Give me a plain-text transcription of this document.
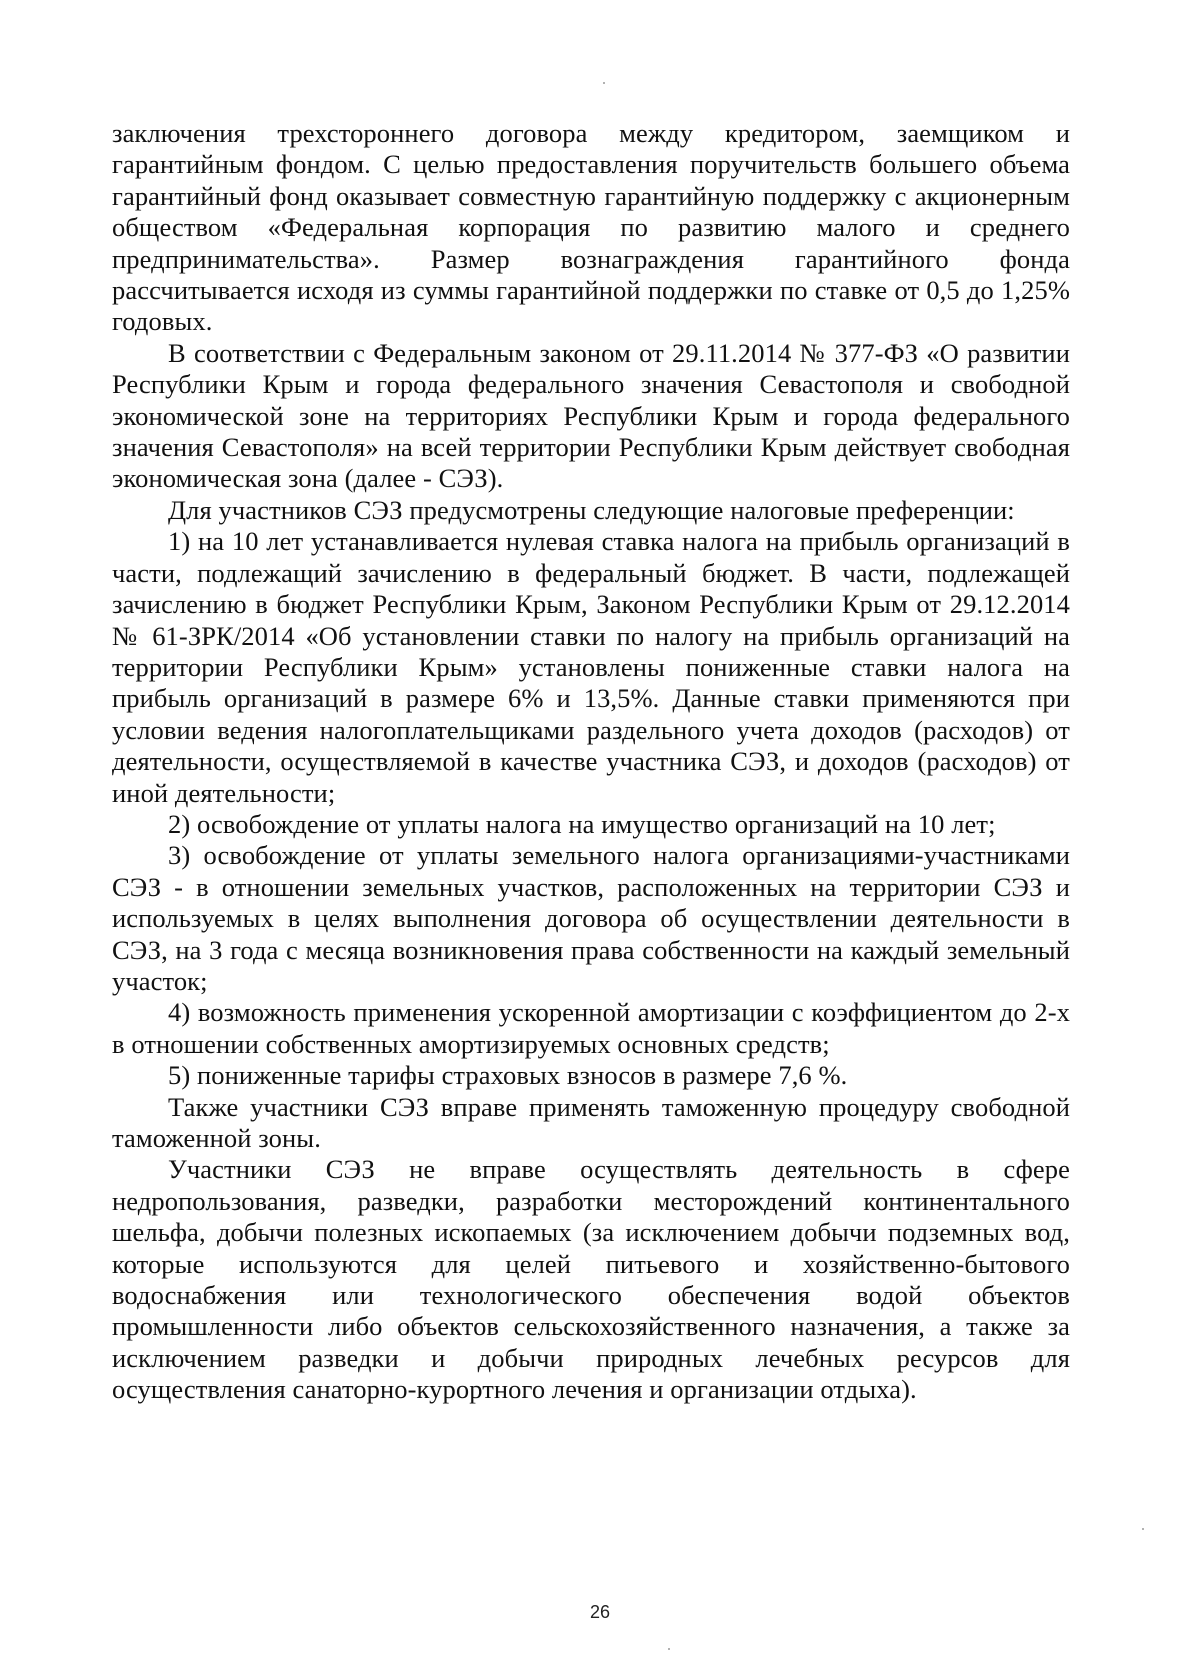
заключения трехстороннего договора между кредитором, заемщиком и гарантийным фондом. С целью предоставления поручительств большего объема гарантийный фонд оказывает совместную гарантийную поддержку с акционерным обществом «Федеральная корпорация по развитию малого и среднего предпринимательства». Размер вознаграждения гарантийного фонда рассчитывается исходя из суммы гарантийной поддержки по ставке от 0,5 до 1,25% годовых.

В соответствии с Федеральным законом от 29.11.2014 № 377-ФЗ «О развитии Республики Крым и города федерального значения Севастополя и свободной экономической зоне на территориях Республики Крым и города федерального значения Севастополя» на всей территории Республики Крым действует свободная экономическая зона (далее - СЭЗ).

Для участников СЭЗ предусмотрены следующие налоговые преференции:

1) на 10 лет устанавливается нулевая ставка налога на прибыль организаций в части, подлежащий зачислению в федеральный бюджет. В части, подлежащей зачислению в бюджет Республики Крым, Законом Республики Крым от 29.12.2014 № 61-ЗРК/2014 «Об установлении ставки по налогу на прибыль организаций на территории Республики Крым» установлены пониженные ставки налога на прибыль организаций в размере 6% и 13,5%. Данные ставки применяются при условии ведения налогоплательщиками раздельного учета доходов (расходов) от деятельности, осуществляемой в качестве участника СЭЗ, и доходов (расходов) от иной деятельности;

2) освобождение от уплаты налога на имущество организаций на 10 лет;

3) освобождение от уплаты земельного налога организациями-участниками СЭЗ - в отношении земельных участков, расположенных на территории СЭЗ и используемых в целях выполнения договора об осуществлении деятельности в СЭЗ, на 3 года с месяца возникновения права собственности на каждый земельный участок;

4) возможность применения ускоренной амортизации с коэффициентом до 2-х в отношении собственных амортизируемых основных средств;

5) пониженные тарифы страховых взносов в размере 7,6 %.

Также участники СЭЗ вправе применять таможенную процедуру свободной таможенной зоны.

Участники СЭЗ не вправе осуществлять деятельность в сфере недропользования, разведки, разработки месторождений континентального шельфа, добычи полезных ископаемых (за исключением добычи подземных вод, которые используются для целей питьевого и хозяйственно-бытового водоснабжения или технологического обеспечения водой объектов промышленности либо объектов сельскохозяйственного назначения, а также за исключением разведки и добычи природных лечебных ресурсов для осуществления санаторно-курортного лечения и организации отдыха).

26
